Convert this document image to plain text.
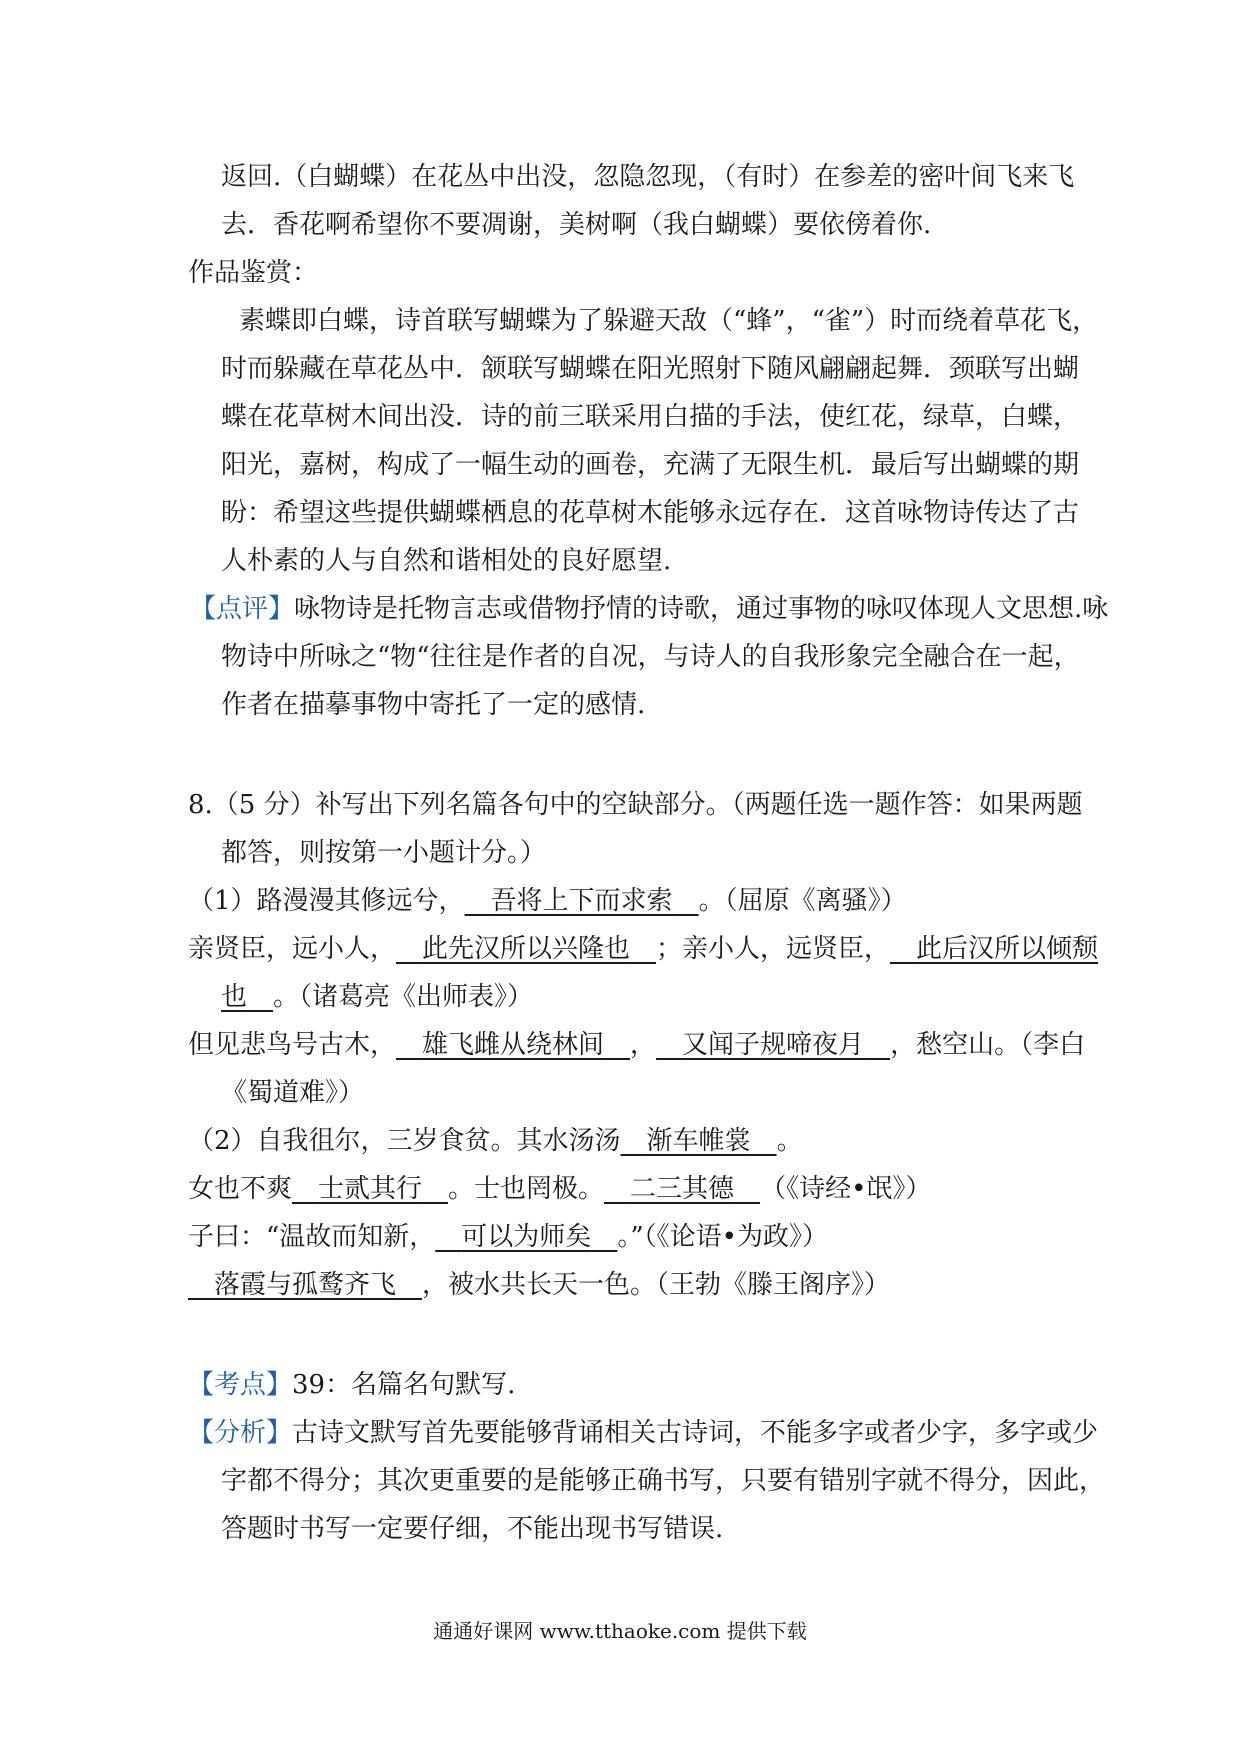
返回.（白蝴蝶）在花丛中出没，忽隐忽现，（有时）在参差的密叶间飞来飞
去．香花啊希望你不要凋谢，美树啊（我白蝴蝶）要依傍着你.
作品鉴赏：
素蝶即白蝶，诗首联写蝴蝶为了躲避天敌（“蜂”，“雀”）时而绕着草花飞，
时而躲藏在草花丛中．颔联写蝴蝶在阳光照射下随风翩翩起舞．颈联写出蝴
蝶在花草树木间出没．诗的前三联采用白描的手法，使红花，绿草，白蝶，
阳光，嘉树，构成了一幅生动的画卷，充满了无限生机．最后写出蝴蝶的期
盼：希望这些提供蝴蝶栖息的花草树木能够永远存在．这首咏物诗传达了古
人朴素的人与自然和谐相处的良好愿望.
【点评】咏物诗是托物言志或借物抒情的诗歌，通过事物的咏叹体现人文思想.咏
物诗中所咏之“物“往往是作者的自况，与诗人的自我形象完全融合在一起，
作者在描摹事物中寄托了一定的感情.
8.（5 分）补写出下列名篇各句中的空缺部分。（两题任选一题作答：如果两题
都答，则按第一小题计分。）
（1）路漫漫其修远兮，  吾将上下而求索  。（屈原《离骚》）
亲贤臣，远小人，  此先汉所以兴隆也  ；亲小人，远贤臣，  此后汉所以倾颓
也  。（诸葛亮《出师表》）
但见悲鸟号古木，  雄飞雌从绕林间  ，  又闻子规啼夜月  ，愁空山。（李白
《蜀道难》）
（2）自我徂尔，三岁食贫。其水汤汤  渐车帷裳  。
女也不爽  士贰其行  。士也罔极。  二三其德  （《诗经•氓》）
子曰：“温故而知新，  可以为师矣  。”（《论语•为政》）
 落霞与孤鹜齐飞  ，被水共长天一色。（王勃《滕王阁序》）
【考点】39：名篇名句默写.
【分析】古诗文默写首先要能够背诵相关古诗词，不能多字或者少字，多字或少
字都不得分；其次更重要的是能够正确书写，只要有错别字就不得分，因此，
答题时书写一定要仔细，不能出现书写错误.
通通好课网 www.tthaoke.com 提供下载
